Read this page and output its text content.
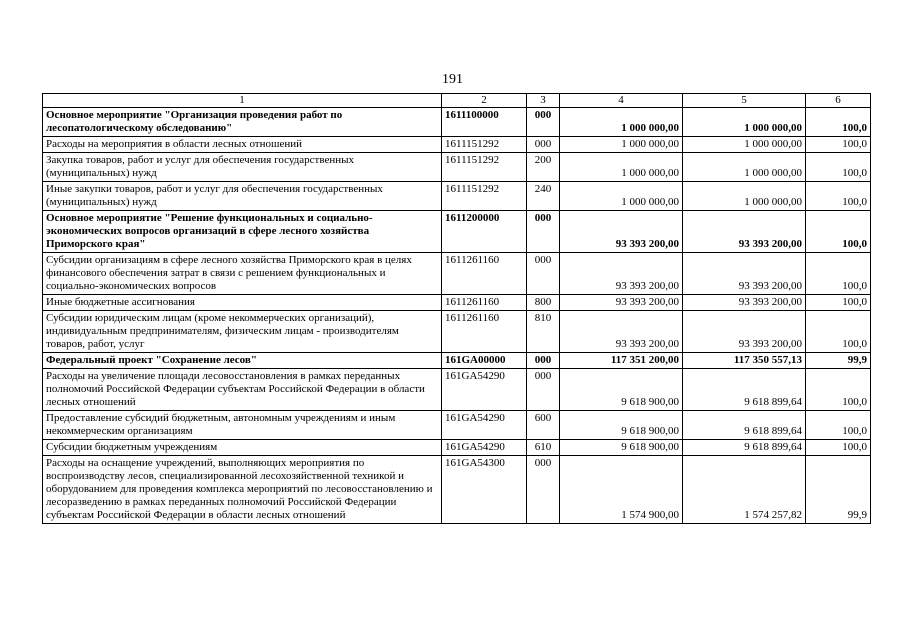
191
1	2	3	4	5	6
Основное мероприятие "Организация проведения работ по лесопатологическому обследованию"	1611100000	000	1 000 000,00	1 000 000,00	100,0
Расходы на мероприятия в области лесных отношений	1611151292	000	1 000 000,00	1 000 000,00	100,0
Закупка товаров, работ и услуг для обеспечения государственных (муниципальных) нужд	1611151292	200	1 000 000,00	1 000 000,00	100,0
Иные закупки товаров, работ и услуг для обеспечения государственных (муниципальных) нужд	1611151292	240	1 000 000,00	1 000 000,00	100,0
Основное мероприятие "Решение функциональных и социально-экономических вопросов организаций в сфере лесного хозяйства Приморского края"	1611200000	000	93 393 200,00	93 393 200,00	100,0
Субсидии организациям в сфере лесного хозяйства Приморского края в целях финансового обеспечения затрат в связи с решением функциональных и социально-экономических вопросов	1611261160	000	93 393 200,00	93 393 200,00	100,0
Иные бюджетные ассигнования	1611261160	800	93 393 200,00	93 393 200,00	100,0
Субсидии юридическим лицам (кроме некоммерческих организаций), индивидуальным предпринимателям, физическим лицам - производителям товаров, работ, услуг	1611261160	810	93 393 200,00	93 393 200,00	100,0
Федеральный проект "Сохранение лесов"	161GA00000	000	117 351 200,00	117 350 557,13	99,9
Расходы на увеличение площади лесовосстановления в рамках переданных полномочий Российской Федерации субъектам Российской Федерации в области лесных отношений	161GA54290	000	9 618 900,00	9 618 899,64	100,0
Предоставление субсидий бюджетным, автономным учреждениям и иным некоммерческим организациям	161GA54290	600	9 618 900,00	9 618 899,64	100,0
Субсидии бюджетным учреждениям	161GA54290	610	9 618 900,00	9 618 899,64	100,0
Расходы на оснащение учреждений, выполняющих мероприятия по воспроизводству лесов, специализированной лесохозяйственной техникой и оборудованием для проведения комплекса мероприятий по лесовосстановлению и лесоразведению в рамках переданных полномочий Российской Федерации субъектам Российской Федерации в области лесных отношений	161GA54300	000	1 574 900,00	1 574 257,82	99,9
